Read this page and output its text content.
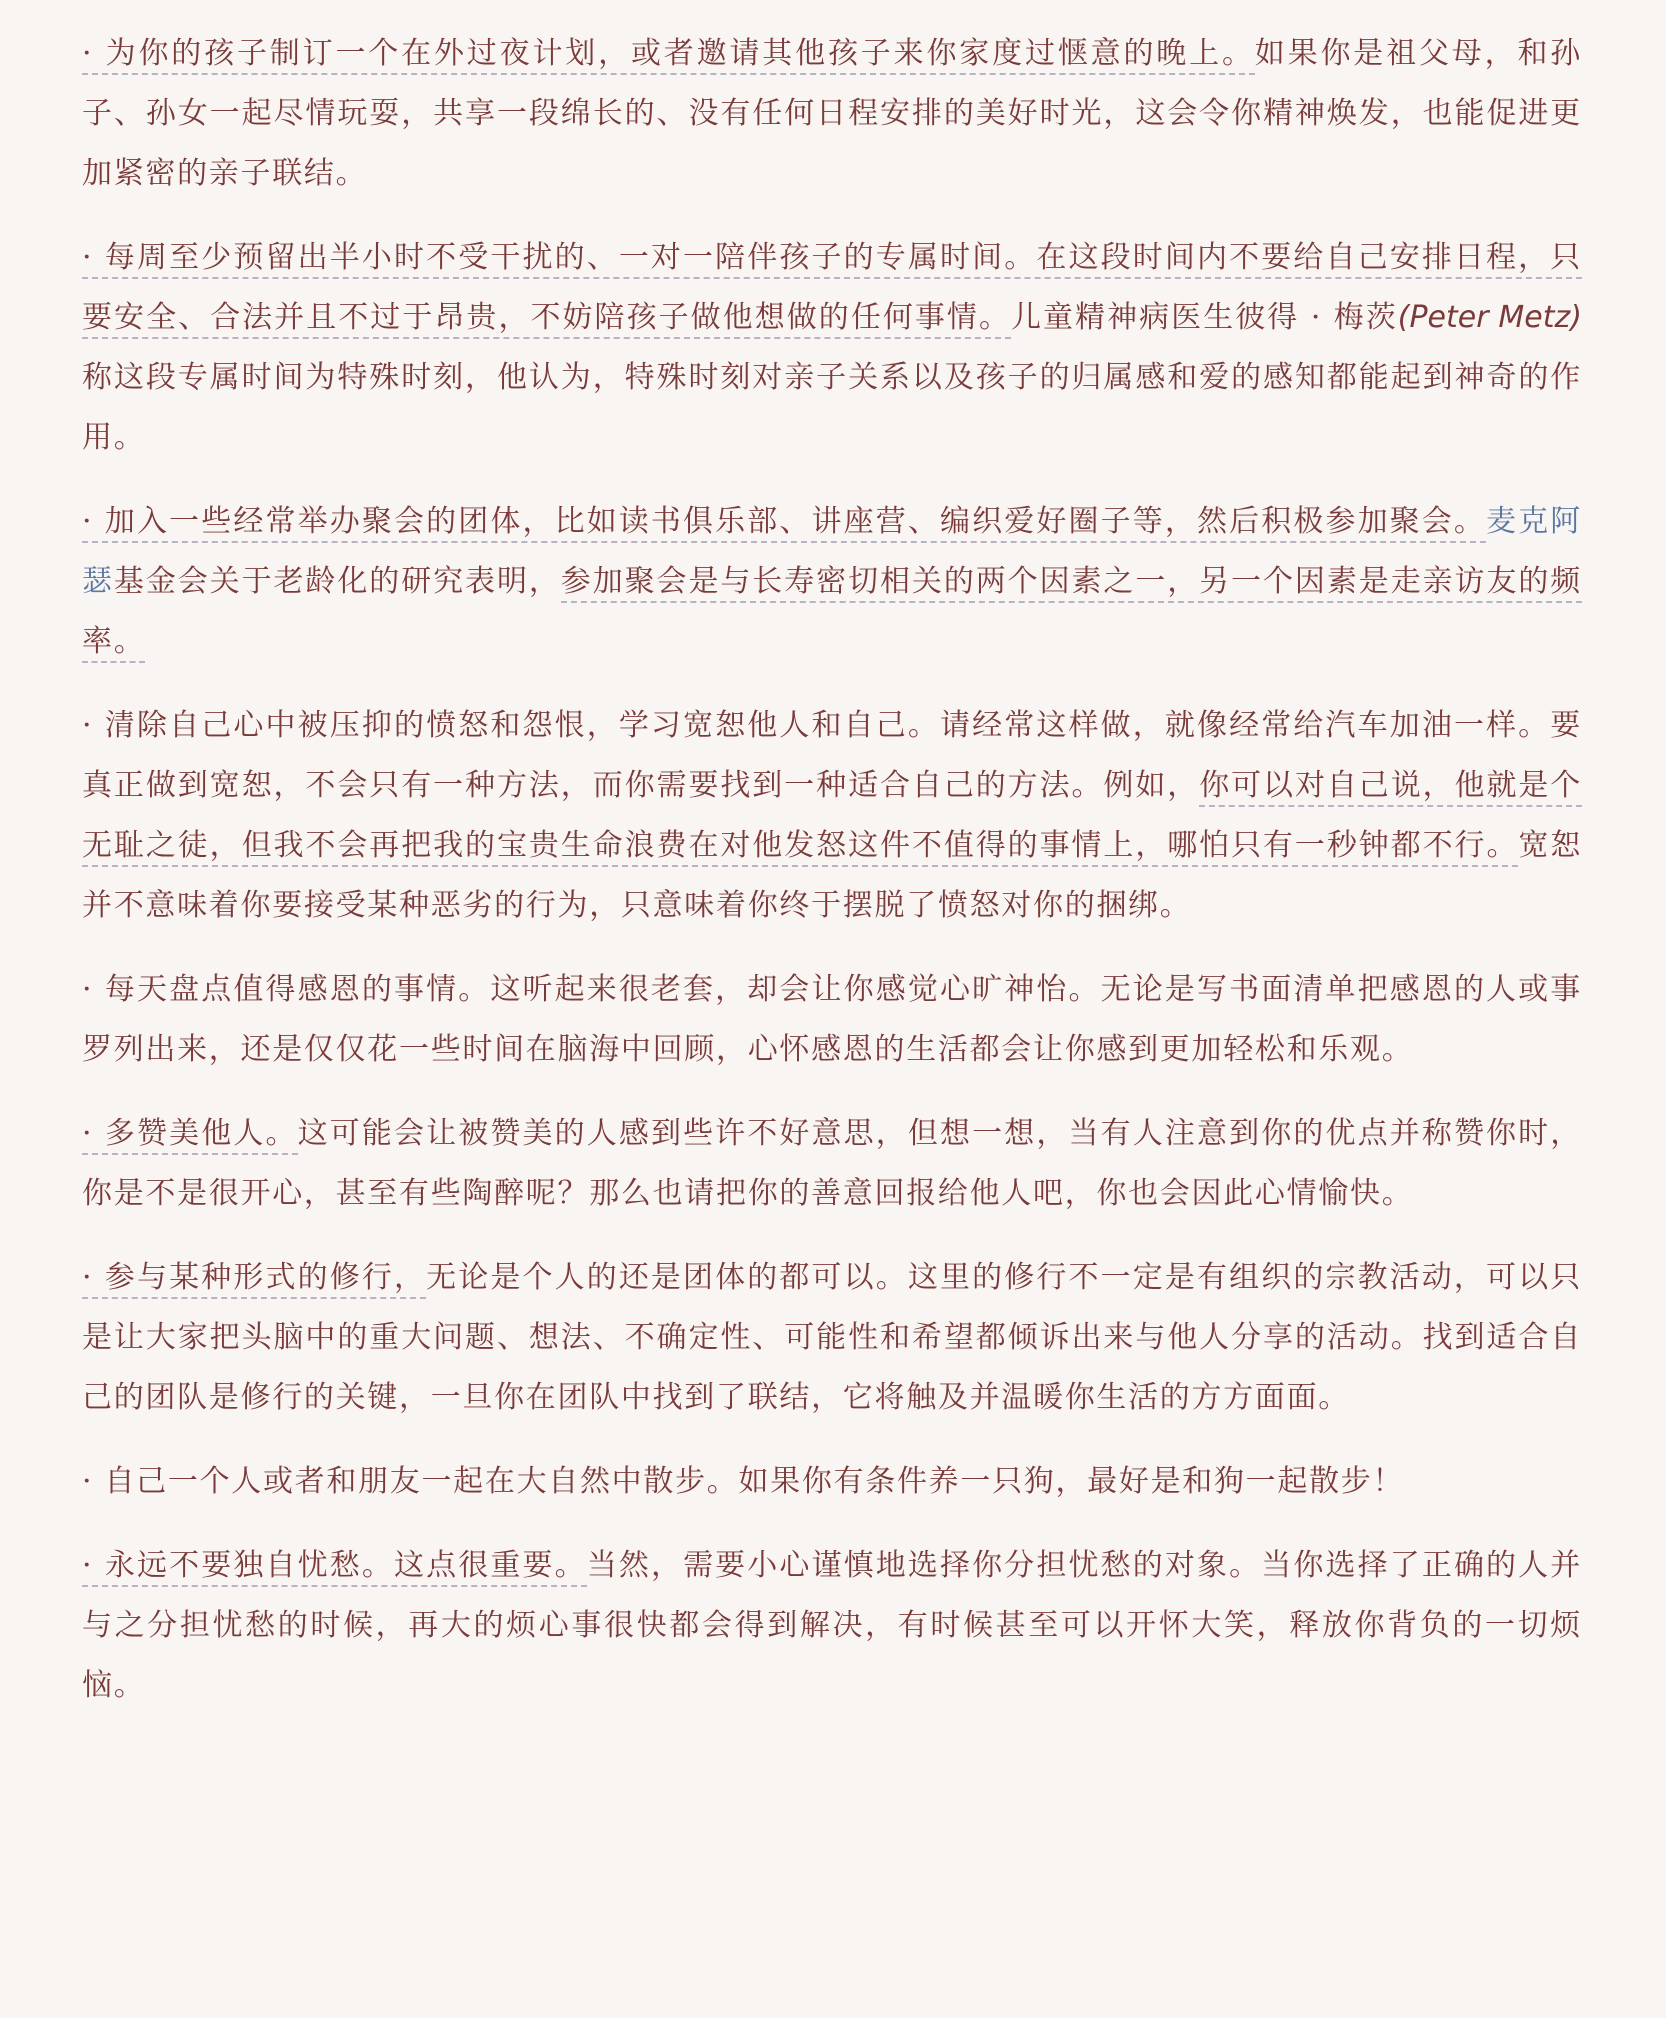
· 为你的孩子制订一个在外过夜计划，或者邀请其他孩子来你家度过惬意的晚上。如果你是祖父母，和孙子、孙女一起尽情玩耍，共享一段绵长的、没有任何日程安排的美好时光，这会令你精神焕发，也能促进更加紧密的亲子联结。

· 每周至少预留出半小时不受干扰的、一对一陪伴孩子的专属时间。在这段时间内不要给自己安排日程，只要安全、合法并且不过于昂贵，不妨陪孩子做他想做的任何事情。儿童精神病医生彼得 · 梅茨(Peter Metz)称这段专属时间为特殊时刻，他认为，特殊时刻对亲子关系以及孩子的归属感和爱的感知都能起到神奇的作用。

· 加入一些经常举办聚会的团体，比如读书俱乐部、讲座营、编织爱好圈子等，然后积极参加聚会。麦克阿瑟基金会关于老龄化的研究表明，参加聚会是与长寿密切相关的两个因素之一，另一个因素是走亲访友的频率。

· 清除自己心中被压抑的愤怒和怨恨，学习宽恕他人和自己。请经常这样做，就像经常给汽车加油一样。要真正做到宽恕，不会只有一种方法，而你需要找到一种适合自己的方法。例如，你可以对自己说，他就是个无耻之徒，但我不会再把我的宝贵生命浪费在对他发怒这件不值得的事情上，哪怕只有一秒钟都不行。宽恕并不意味着你要接受某种恶劣的行为，只意味着你终于摆脱了愤怒对你的捆绑。

· 每天盘点值得感恩的事情。这听起来很老套，却会让你感觉心旷神怡。无论是写书面清单把感恩的人或事罗列出来，还是仅仅花一些时间在脑海中回顾，心怀感恩的生活都会让你感到更加轻松和乐观。

· 多赞美他人。这可能会让被赞美的人感到些许不好意思，但想一想，当有人注意到你的优点并称赞你时，你是不是很开心，甚至有些陶醉呢？那么也请把你的善意回报给他人吧，你也会因此心情愉快。

· 参与某种形式的修行，无论是个人的还是团体的都可以。这里的修行不一定是有组织的宗教活动，可以只是让大家把头脑中的重大问题、想法、不确定性、可能性和希望都倾诉出来与他人分享的活动。找到适合自己的团队是修行的关键，一旦你在团队中找到了联结，它将触及并温暖你生活的方方面面。

· 自己一个人或者和朋友一起在大自然中散步。如果你有条件养一只狗，最好是和狗一起散步！

· 永远不要独自忧愁。这点很重要。当然，需要小心谨慎地选择你分担忧愁的对象。当你选择了正确的人并与之分担忧愁的时候，再大的烦心事很快都会得到解决，有时候甚至可以开怀大笑，释放你背负的一切烦恼。
